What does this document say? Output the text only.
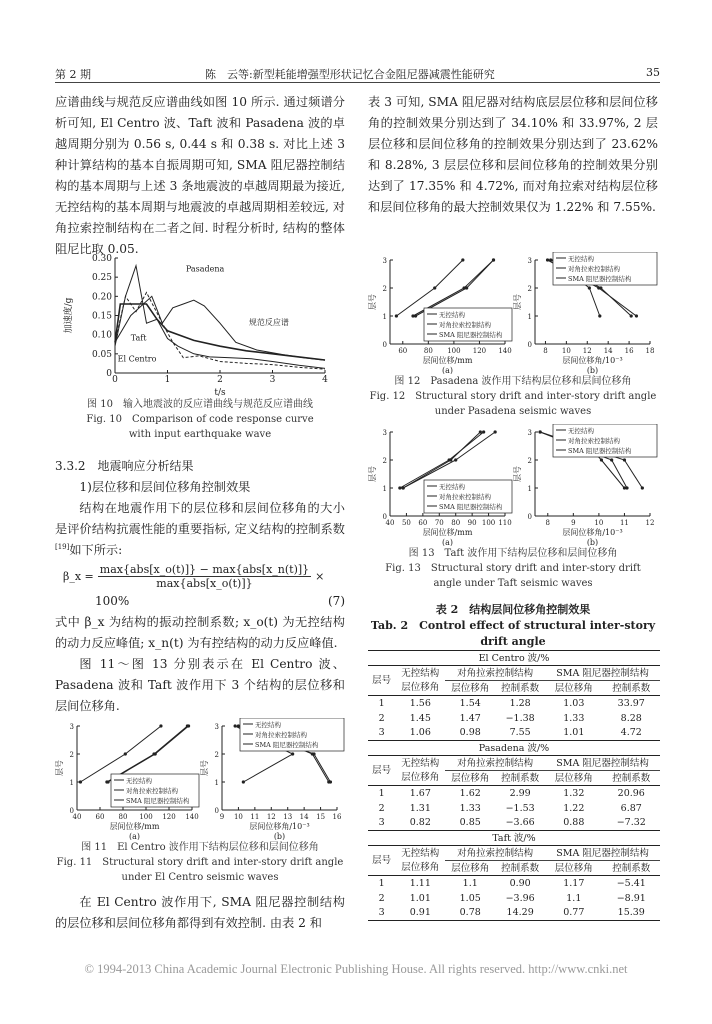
第 2 期	陈　云等:新型耗能增强型形状记忆合金阻尼器减震性能研究	35

应谱曲线与规范反应谱曲线如图 10 所示. 通过频谱分析可知, El Centro 波、Taft 波和 Pasadena 波的卓越周期分别为 0.56 s, 0.44 s 和 0.38 s. 对比上述 3 种计算结构的基本自振周期可知, SMA 阻尼器控制结构的基本周期与上述 3 条地震波的卓越周期最为接近, 无控结构的基本周期与地震波的卓越周期相差较远, 对角拉索控制结构在二者之间. 时程分析时, 结构的整体阻尼比取 0.05.

0	1	2	3	4
0
0.05
0.10
0.15
0.20
0.25
0.30
t/s
加速度/g
Pasadena
Taft
El Centro
规范反应谱
图 10　输入地震波的反应谱曲线与规范反应谱曲线
Fig. 10　Comparison of code response curve
with input earthquake wave
3.3.2　地震响应分析结果
1)层位移和层间位移角控制效果

结构在地震作用下的层位移和层间位移角的大小是评价结构抗震性能的重要指标, 定义结构的控制系数[19]如下所示:

β_x = $\frac{\text{max\{abs[x\_o(t)]\} − max\{abs[x\_n(t)]\}}}{\text{max\{abs[x\_o(t)]\}}}$ ×
100%	(7)

式中 β_x 为结构的振动控制系数; x_o(t) 为无控结构的动力反应峰值; x_n(t) 为有控结构的动力反应峰值.

图 11～图 13 分别表示在 El Centro 波、Pasadena 波和 Taft 波作用下 3 个结构的层位移和层间位移角.

40 60 80 100 120 140
0
1
2
3
层间位移/mm
层号
(a)
无控结构
对角拉索控制结构
SMA 阻尼器控制结构
9 10 11 12 13 14 15 16
0
1
2
3
层间位移角/10⁻³
层号
(b)
无控结构
对角拉索控制结构
SMA 阻尼器控制结构
图 11　El Centro 波作用下结构层位移和层间位移角
Fig. 11　Structural story drift and inter-story drift angle
under El Centro seismic waves

在 El Centro 波作用下, SMA 阻尼器控制结构的层位移和层间位移角都得到有效控制. 由表 2 和

表 3 可知, SMA 阻尼器对结构底层层位移和层间位移角的控制效果分别达到了 34.10% 和 33.97%, 2 层层位移和层间位移角的控制效果分别达到了 23.62% 和 8.28%, 3 层层位移和层间位移角的控制效果分别达到了 17.35% 和 4.72%, 而对角拉索对结构层位移和层间位移角的最大控制效果仅为 1.22% 和 7.55%.

60 80 100 120 140
0
1
2
3
层间位移/mm
层号
(a)
无控结构
对角拉索控制结构
SMA 阻尼器控制结构
8 10 12 14 16 18
0
1
2
3
层间位移角/10⁻³
层号
(b)
无控结构
对角拉索控制结构
SMA 阻尼器控制结构
图 12　Pasadena 波作用下结构层位移和层间位移角
Fig. 12　Structural story drift and inter-story drift angle
under Pasadena seismic waves
40 50 60 70 80 90 100 110
0
1
2
3
层间位移/mm
层号
(a)
无控结构
对角拉索控制结构
SMA 阻尼器控制结构
8	9	10 11 12
0
1
2
3
层间位移角/10⁻³
层号
(b)
无控结构
对角拉索控制结构
SMA 阻尼器控制结构
图 13　Taft 波作用下结构层位移和层间位移角
Fig. 13　Structural story drift and inter-story drift
angle under Taft seismic waves
表 2　结构层间位移角控制效果
Tab. 2　Control effect of structural inter-story drift angle
El Centro 波/%					
层号	无控结构	对角拉索控制结构		SMA 阻尼器控制结构	
	层位移角	层位移角	控制系数	层位移角	控制系数
1	1.56	1.54	1.28	1.03	33.97
2	1.45	1.47	−1.38	1.33	8.28
3	1.06	0.98	7.55	1.01	4.72
Pasadena 波/%					
层号	无控结构	对角拉索控制结构		SMA 阻尼器控制结构	
	层位移角	层位移角	控制系数	层位移角	控制系数
1	1.67	1.62	2.99	1.32	20.96
2	1.31	1.33	−1.53	1.22	6.87
3	0.82	0.85	−3.66	0.88	−7.32
Taft 波/%					
层号	无控结构	对角拉索控制结构		SMA 阻尼器控制结构	
	层位移角	层位移角	控制系数	层位移角	控制系数
1	1.11	1.1	0.90	1.17	−5.41
2	1.01	1.05	−3.96	1.1	−8.91
3	0.91	0.78	14.29	0.77	15.39
© 1994-2013 China Academic Journal Electronic Publishing House. All rights reserved. http://www.cnki.net
